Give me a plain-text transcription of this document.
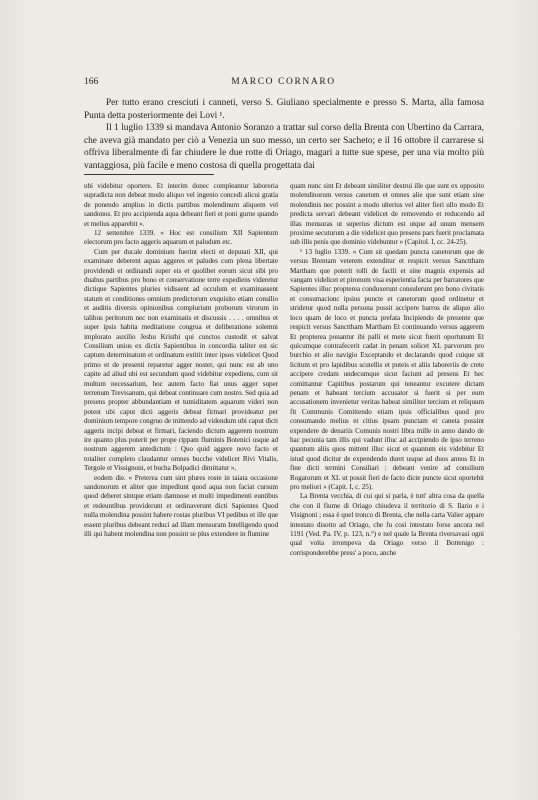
166	MARCO CORNARO

Per tutto erano cresciuti i canneti, verso S. Giuliano specialmente e presso S. Marta, alla famosa Punta detta posteriormente dei Lovi ¹.

Il 1 luglio 1339 si mandava Antonio Soranzo a trattar sul corso della Brenta con Ubertino da Carrara, che aveva già mandato per ciò a Venezia un suo messo, un certo ser Sacheto; e il 16 ottobre il carrarese si offriva liberalmente di far chiudere le due rotte di Oriago, magari a tutte sue spese, per una via molto più vantaggiosa, più facile e meno costosa di quella progettata dai

ubi videbitur oportere. Et interim donec compleantur laboreria supradicta non debeat modo aliquo vel ingenio concedi alicui gratia de ponendo amplius in dictis partibus molendinum aliquem vel sandonos. Et pro accipienda aqua debeant fieri et poni gurne quando et melius apparebit ».

12 settembre 1339. « Hoc est consilium XII Sapientum electorum pro facto aggeris aquarum et paludum etc.

Cum per ducale dominium fuerint electi et deputati XII, qui examinare deberent aquas aggeres et paludes cum plena libertate providendi et ordinandi super eis et quolibet eorum sicut sibi pro duabus partibus pro bono et conservatione terre expediens videretur dictique Sapientes pluries vidissent ad occulum et examinassent statum et conditiones omnium predictorum exquisito etiam consilio et auditis diversis opinionibus complurium proborum virorum in talibus peritorum nec non examinatis et discussis . . . . omnibus et super ipsis habita meditatione congrua et deliberatione solemni implorato auxilio Jeshu Kristhi qui cunctos custodit et salvat Consilium unius ex dictis Sapientibus in concordia taliter est sic captum determinatum et ordinatum extitit inter ipsos videlicet Quod primo et de presenti reparetur agger noster, qui nunc est ab uno capite ad aliud ubi est secundum quod videbitur expediens, cum sit multum necessarium, hoc autem facto fiat unus agger super terrenum Trevisanum, qui debeat continuare cum nostro. Sed quia ad presens propter abbundantiam et tumiditatem aquarum videri non potest ubi caput dicti aggeris debeat firmari provideatur per dominium tempore congruo de mittendo ad videndum ubi caput dicti aggeris incipi debeat et firmari, faciendo dictum aggerem nostrum ire quanto plus poterit per prope rippam fluminis Botenici usque ad nostrum aggerem antedictum : Quo quid aggere novo facto et totaliter completo claudantur omnes bucche videlicet Rivi Vitalis, Tergole et Vissignoni, et bucha Bolpadici dimittatur »,

eodem die. « Preterea cum sint plures roste in taiata occasione sandonorum et aliter que impediunt quod aqua non faciat cursum quod deberet sintque etiam damnose et multi impedimenti euntibus et redeuntibus providerunt et ordinaverunt dicti Sapientes Quod nulla molendina possint habere rostas pluribus VI pedibus et ille que essent pluribus debeant reduci ad illam mensuram Intelligendo quod illi qui habent molendina non possint se plus extendere in flumine

quam nunc sint Et debeant similiter destrui ille que sunt ex opposito molendinorum versus canetum et omnes alie que sunt etiam sine molendinis nec possint a modo ulterius vel aliter fieri ullo modo Et predicta servari debeant videlicet de removendo et reducendo ad illas mensuras ut superius dictum est utque ad unum mensem proxime secuturum a die videlicet quo presens pars fuerit proclamata sub illis penis que dominio videbuntur » (Capitol. I, cc. 24-25).

¹ 13 luglio 1339. « Cum sit quedam puncta canetorum que de versus Brentam veterem extenditur et respicit versus Sancttham Martham que poterit tolli de facili et sine magnis expensis ad vangam videlicet et pironum visa esperientia facta per barratores que Sapientes illuc propterea conduxerunt consulerunt pro bono civitatis et consumacionc ipsius puncte et canetorum quod ordinetur et stridetur quod nulla persona possit accipere barros de aliquo alio loco quam de loco et puncta prefata Incipiendo de presente que respicit versus Sancttham Martham Et continuando versus aggerem Et propterea ponantur ibi palli et mete sicut fuerit oportunum Et quicumque contrafecerit cadat in penam solicet XL parvorum pro burchio et alio navigio Exceptando et declarando quod cuique sit licitum et pro lapidibus scutellis et puteis et aliis laboreriis de crete accipere credam undecumque sicut faciunt ad presens Et hec comittantur Capitibus postarum qui teneantur excutere dictam penam et habeant tercium accusator si fuerit si per eum accusationem invenietur veritas habeat similiter tercium et reliquum fit Communis Comittendo etiam ipsis officialibus quod pro consumando melius et citius ipsam punctam et caneta possint expendere de denariis Comunis nostri libra mille in anno dando de hac pecunia tam illis qui vadunt illuc ad accipiendo de ipso terreno quantum aliis quos mittent illuc sicut et quantum eis videbitur Et istud quod dicitur de expendendo duret usque ad duos annos Et in fine dicti termini Consiliari : debeant venire ad consilium Rogatorum et XL ut possit fieri de facto dicte puncte sicut oportebit pro meliori » (Capit. I, c. 25).

La Brenta vecchia, di cui qui si parla, è tutt' altra cosa da quella che con il fiume di Oriago chiudeva il territorio di S. Ilario e i Visignoni ; essa è quel tronco di Brenta, che nella carta Valier appare intestato disotto ad Oriago, che fu così intestato forse ancora nel 1191 (Ved. Pa. IV, p. 123, n.°) e nel quale la Brenta riversavasi ogni qual volta irrompeva da Oriago verso il Bottenigo : corrisponderebbe press' a poco, anche
